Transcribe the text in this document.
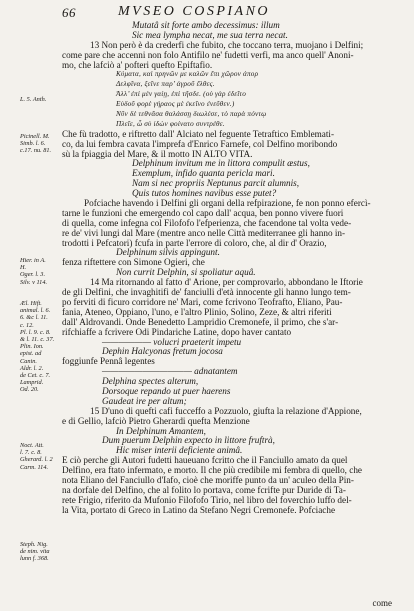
66	MVSEO COSPIANO
L. 5. Anth.
Picinell. M.
Simb. l. 6.
c.17. nu. 81.
Hier. in A.
H.
Oger. l. 3.
Silv. v 114.
Æl. Hift.
animal. l. 6.
6. &c l. 11.
c. 12.
Pl. l. 9. c. 8.
& l. 11. c. 37.
Plin. Ion.
epist. ad
Canin.
Aldr. l. 2.
de Cet. c. 7.
Lamprid.
Od. 20.
Noct. Att.
l. 7. c. 8.
Gherard. l. 2
Carm. 114.
Steph. Nig.
de nim. vita
lunn f. 368.
Mutatâ sit forte ambo decessimus: illum
Sic mea lympha necat, me sua terra necat.
13 Non però è da crederfi che fubito, che toccano terra, muojano i Delfini;
come pare che accenni non folo Antifilo ne' fudetti verfi, ma anco quell' Anoni-
mo, che lafciò a' pofteri quefto Epiftafio.
Κύματα, καὶ πρηνῶν με καλῶν ἔπι χῶρον ἀπορ
Δελφῖνα, ξεῖνε παρ’ ἀγροῦ ἔλθες.
Ἀλλ’ ἐπὶ μὲν γαίῃ, ἐπὶ τῆσδε. (οὐ γὰρ ἐδεῖτο
Εὐδοῦ φορὲ γήραος μὲ ἐκεῖνο ἐνεῦθεν.)
Νῦν δὲ τεθνᾶσα θαλάσσῃ διωλέσε, τὸ παρὰ πόντῳ
Πλεῖε, ὦ σὺ ἰδὼν φοίνατο συντρέθε.
Che fù tradotto, e riftretto dall' Alciato nel feguente Tetraftico Emblemati-
co, da lui fembra cavata l'imprefa d'Enrico Farnefe, col Delfino moribondo
sù la fpiaggia del Mare, & il motto IN ALTO VITA.
Delphinum invitum me in littora compulit æstus,
Exemplum, infido quanta pericla mari.
Nam si nec propriis Neptunus parcit alumnis,
Quis tutos homines navibus esse putet?
Pofciache havendo i Delfini gli organi della refpirazione, fe non ponno efercì-
tarne le funzioni che emergendo col capo dall' acqua, ben ponno vivere fuori
di quella, come infegna col Filofofo l'efperienza, che facendone tal volta vede-
re de' vivi lungi dal Mare (mentre anco nelle Città mediterranee gli hanno in-
trodotti i Pefcatori) fcufa in parte l'errore di coloro, che, al dir d' Orazio,
Delphinum silvis appingunt.
fenza riftettere con Simone Ogieri, che
Non currit Delphin, si spoliatur aquâ.
14 Ma ritornando al fatto d' Arione, per comprovarlo, abbondano le Iftorie
de gli Delfini, che invaghitifi de' fanciulli d'età innocente gli hanno lungo tem-
po ferviti di ficuro corridore ne' Mari, come fcrivono Teofrafto, Eliano, Pau-
fania, Ateneo, Oppiano, l'uno, e l'altro Plinio, Solino, Zeze, & altri riferiti
dall' Aldrovandi. Onde Benedetto Lampridio Cremonefe, il primo, che s'ar-
rifchiaffe a fcrivere Odi Pindariche Latine, dopo haver cantato
—————— volucri praeterit impetu
Dephin Halcyonas fretum jocosa
foggiunfe Pennâ legentes
——————————— adnatantem
Delphina spectes alterum,
Dorsoque repando ut puer haerens
Gaudeat ire per altum;
15 D'uno di quefti cafi fucceffo a Pozzuolo, giufta la relazione d'Appione,
e di Gellio, lafciò Pietro Gherardi quefta Menzione
In Delphinum Amantem,
Dum puerum Delphin expecto in littore fruftrà,
Hic miser interii deficiente animâ.
E ciò perche gli Autori fudetti haueuano fcritto che il Fanciullo amato da quel
Delfino, era ftato infermato, e morto. Il che più credibile mi fembra di quello, che
nota Eliano del Fanciullo d'Iafo, cioè che moriffe punto da un' aculeo della Pin-
na dorfale del Delfino, che al folito lo portava, come fcrifte pur Duride di Ta-
rete Frigio, riferito da Mufonio Filofofo Tirio, nel libro del foverchio luffo del-
la Vita, portato di Greco in Latino da Stefano Negri Cremonefe. Pofciache
come
